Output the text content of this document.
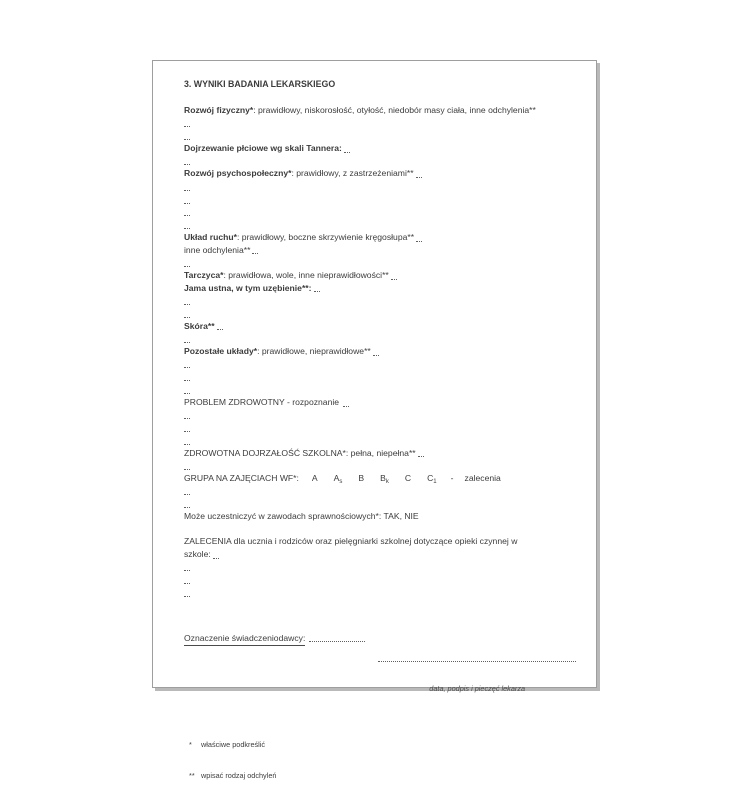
3. WYNIKI BADANIA LEKARSKIEGO
Rozwój fizyczny* : prawidłowy, niskorosłość, otyłość, niedobór masy ciała, inne odchylenia**
Dojrzewanie płciowe wg skali Tannera:
Rozwój psychospołeczny* : prawidłowy, z zastrzeżeniami**
Układ ruchu* : prawidłowy, boczne skrzywienie kręgosłupa**
inne odchylenia**
Tarczyca* : prawidłowa, wole, inne nieprawidłowości**
Jama ustna, w tym uzębienie**:
Skóra**
Pozostałe układy* : prawidłowe, nieprawidłowe**
PROBLEM ZDROWOTNY - rozpoznanie
ZDROWOTNA DOJRZAŁOŚĆ SZKOLNA*: pełna, niepełna**
GRUPA NA ZAJĘCIACH WF*: A $A_s$ B $B_k$ C $C_1$ - zalecenia
Może uczestniczyć w zawodach sprawnościowych*: TAK, NIE
ZALECENIA dla ucznia i rodziców oraz pielęgniarki szkolnej dotyczące opieki czynnej w
szkole:
Oznaczenie świadczeniodawcy:

data, podpis i pieczęć lekarza

* właściwe podkreślić

** wpisać rodzaj odchyleń
